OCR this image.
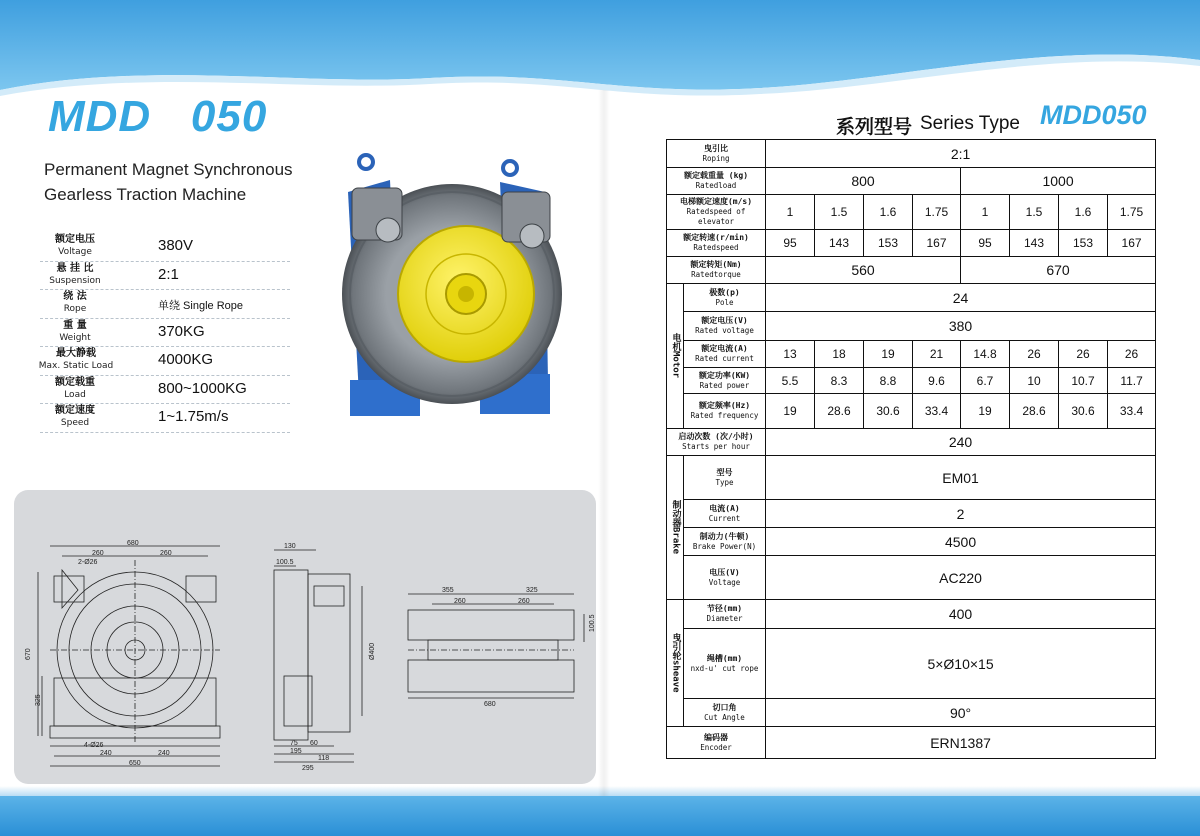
MDD   050
Permanent Magnet Synchronous
Gearless Traction Machine
额定电压
Voltage	380V
悬 挂 比
Suspension	2:1
绕 法
Rope	单绕 Single Rope
重 量
Weight	370KG
最大静载
Max. Static Load	4000KG
额定载重
Load	800~1000KG
额定速度
Speed	1~1.75m/s
680
260	260
2-Ø26
670
325
4-Ø26
240	240
650
130
100.5
Ø400
75 60
195
118
295
355	325
260	260
100.5
680
系列型号 Series Type MDD050
曳引比
Roping		2:1							

额定载重量 (kg)
Ratedload		800				1000			

电梯额定速度(m/s)
Ratedspeed of elevator		1	1.5	1.6	1.75	1	1.5	1.6	1.75

额定转速(r/min)
Ratedspeed		95	143	153	167	95	143	153	167

额定转矩(Nm)
Ratedtorque		560				670			

电机Motor	极数(p)
Pole	24							

	额定电压(V)
Rated voltage	380							

	额定电流(A)
Rated current	13	18	19	21	14.8	26	26	26

	额定功率(KW)
Rated power	5.5	8.3	8.8	9.6	6.7	10	10.7	11.7

	额定频率(Hz)
Rated frequency	19	28.6	30.6	33.4	19	28.6	30.6	33.4

启动次数 (次/小时)
Starts per hour		240							

制动器Brake	型号
Type	EM01							

	电流(A)
Current	2							

	制动力(牛顿)
Brake Power(N)	4500							

	电压(V)
Voltage	AC220							

曳引轮sheave	节径(mm)
Diameter	400							

	绳槽(mm)
nxd-u' cut rope	5×Ø10×15							

	切口角
Cut Angle	90°							

编码器
Encoder		ERN1387							
